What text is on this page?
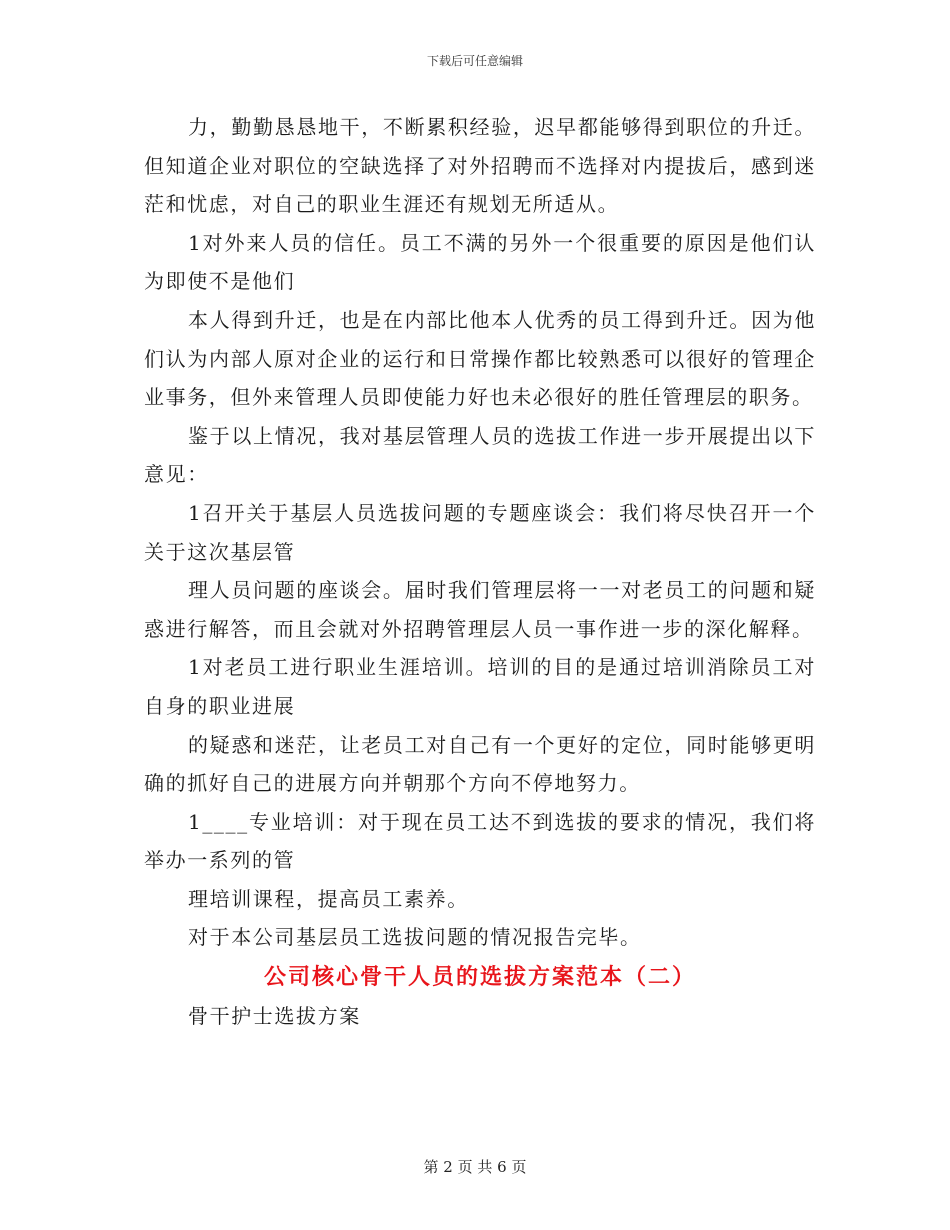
下载后可任意编辑

力，勤勤恳恳地干，不断累积经验，迟早都能够得到职位的升迁。但知道企业对职位的空缺选择了对外招聘而不选择对内提拔后，感到迷茫和忧虑，对自己的职业生涯还有规划无所适从。

1对外来人员的信任。员工不满的另外一个很重要的原因是他们认为即使不是他们

本人得到升迁，也是在内部比他本人优秀的员工得到升迁。因为他们认为内部人原对企业的运行和日常操作都比较熟悉可以很好的管理企业事务，但外来管理人员即使能力好也未必很好的胜任管理层的职务。

鉴于以上情况，我对基层管理人员的选拔工作进一步开展提出以下意见：

1召开关于基层人员选拔问题的专题座谈会：我们将尽快召开一个关于这次基层管

理人员问题的座谈会。届时我们管理层将一一对老员工的问题和疑惑进行解答，而且会就对外招聘管理层人员一事作进一步的深化解释。

1对老员工进行职业生涯培训。培训的目的是通过培训消除员工对自身的职业进展

的疑惑和迷茫，让老员工对自己有一个更好的定位，同时能够更明确的抓好自己的进展方向并朝那个方向不停地努力。

1____专业培训：对于现在员工达不到选拔的要求的情况，我们将举办一系列的管

理培训课程，提高员工素养。

对于本公司基层员工选拔问题的情况报告完毕。

公司核心骨干人员的选拔方案范本（二）

骨干护士选拔方案

第 2 页 共 6 页
